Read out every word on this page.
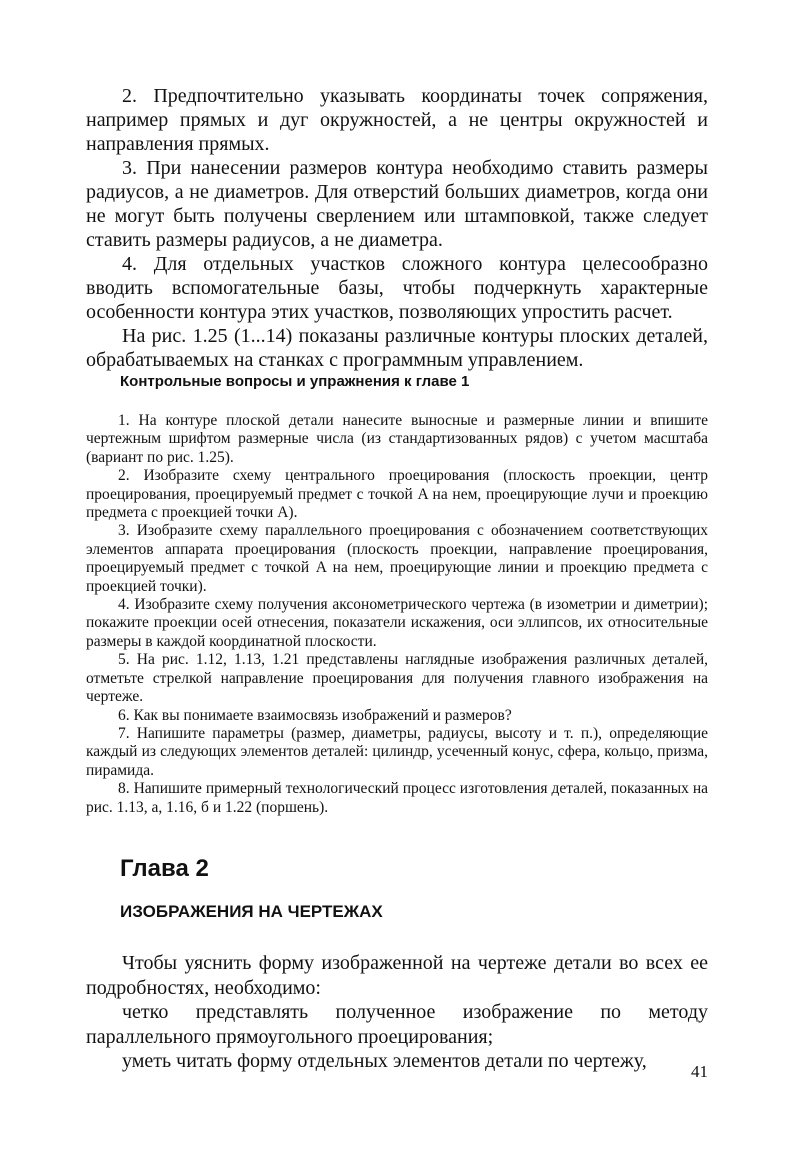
2. Предпочтительно указывать координаты точек сопряжения, например прямых и дуг окружностей, а не центры окружностей и направления прямых.

3. При нанесении размеров контура необходимо ставить размеры радиусов, а не диаметров. Для отверстий больших диаметров, когда они не могут быть получены сверлением или штамповкой, также следует ставить размеры радиусов, а не диаметра.

4. Для отдельных участков сложного контура целесообразно вводить вспомогательные базы, чтобы подчеркнуть характерные особенности контура этих участков, позволяющих упростить расчет.

На рис. 1.25 (1...14) показаны различные контуры плоских деталей, обрабатываемых на станках с программным управлением.

Контрольные вопросы и упражнения к главе 1

1. На контуре плоской детали нанесите выносные и размерные линии и впишите чертежным шрифтом размерные числа (из стандартизованных рядов) с учетом масштаба (вариант по рис. 1.25).

2. Изобразите схему центрального проецирования (плоскость проекции, центр проецирования, проецируемый предмет с точкой A на нем, проецирующие лучи и проекцию предмета с проекцией точки A).

3. Изобразите схему параллельного проецирования с обозначением соответствующих элементов аппарата проецирования (плоскость проекции, направление проецирования, проецируемый предмет с точкой A на нем, проецирующие линии и проекцию предмета с проекцией точки).

4. Изобразите схему получения аксонометрического чертежа (в изометрии и диметрии); покажите проекции осей отнесения, показатели искажения, оси эллипсов, их относительные размеры в каждой координатной плоскости.

5. На рис. 1.12, 1.13, 1.21 представлены наглядные изображения различных деталей, отметьте стрелкой направление проецирования для получения главного изображения на чертеже.

6. Как вы понимаете взаимосвязь изображений и размеров?

7. Напишите параметры (размер, диаметры, радиусы, высоту и т. п.), определяющие каждый из следующих элементов деталей: цилиндр, усеченный конус, сфера, кольцо, призма, пирамида.

8. Напишите примерный технологический процесс изготовления деталей, показанных на рис. 1.13, а, 1.16, б и 1.22 (поршень).

Глава 2
ИЗОБРАЖЕНИЯ НА ЧЕРТЕЖАХ

Чтобы уяснить форму изображенной на чертеже детали во всех ее подробностях, необходимо:

четко представлять полученное изображение по методу параллельного прямоугольного проецирования;

уметь читать форму отдельных элементов детали по чертежу,	41
